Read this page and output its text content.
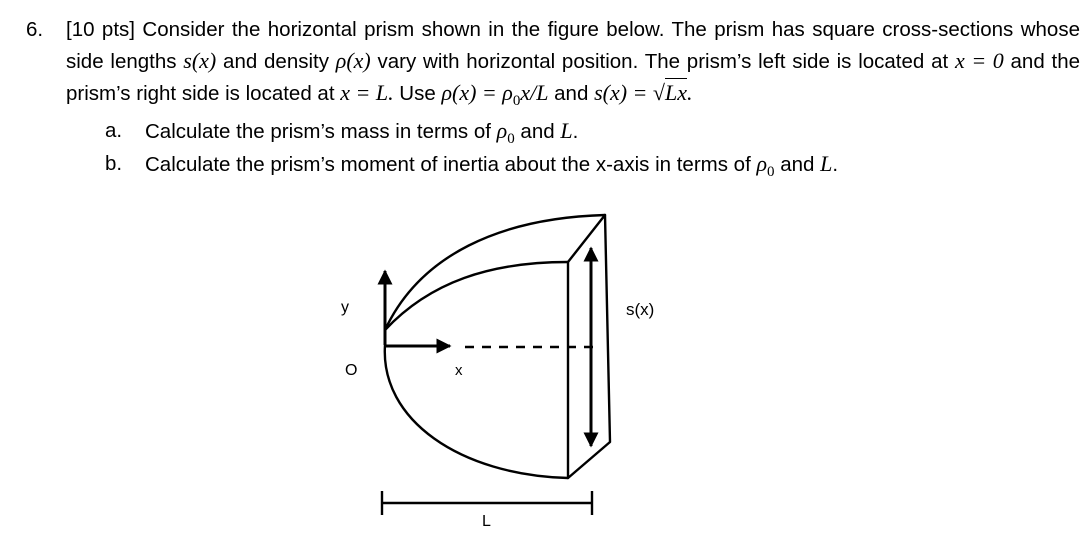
6. [10 pts] Consider the horizontal prism shown in the figure below. The prism has square cross-sections whose side lengths s(x) and density ρ(x) vary with horizontal position. The prism’s left side is located at x = 0 and the prism’s right side is located at x = L. Use $\rho(x) = \rho_0x/L$ and s(x) = √Lx.
a. Calculate the prism’s mass in terms of $\rho_0$ and L.
b. Calculate the prism’s moment of inertia about the x-axis in terms of $\rho_0$ and L.
y
O	x
s(x)
L
